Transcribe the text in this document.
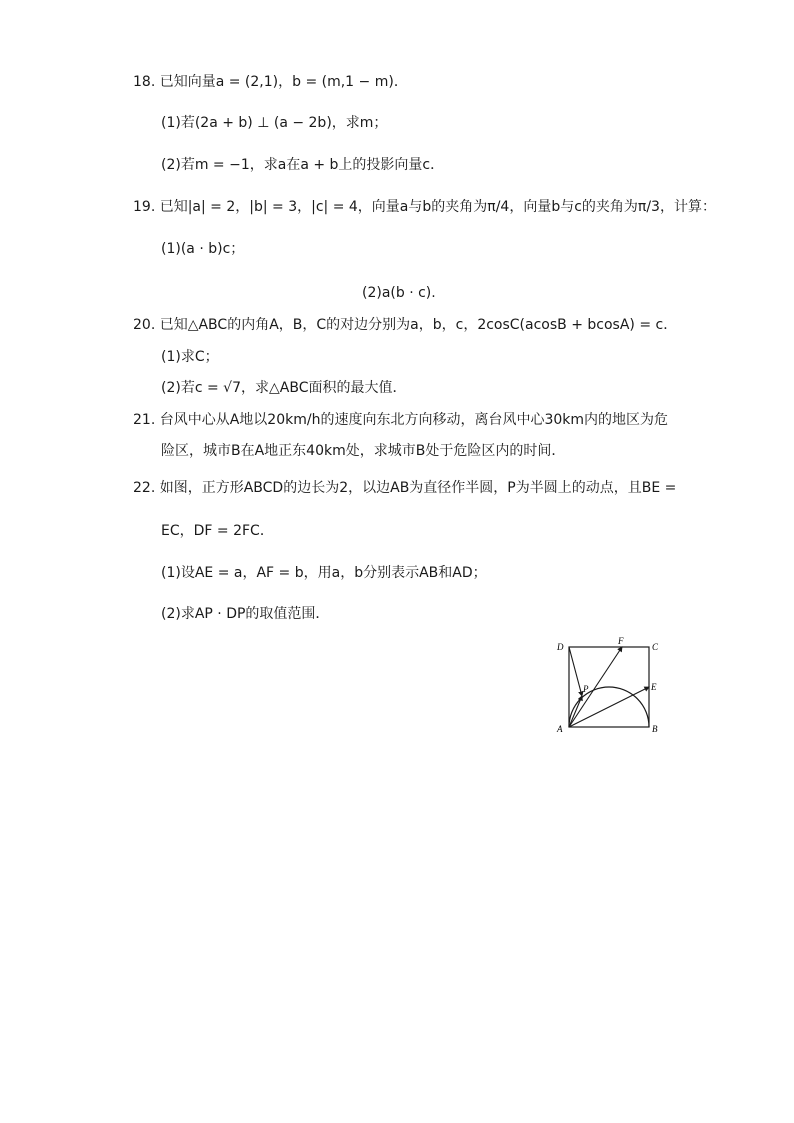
18. 已知向量a = (2,1)，b = (m,1 − m)．
(1)若(2a + b) ⊥ (a − 2b)，求m；
(2)若m = −1，求a在a + b上的投影向量c．
19. 已知|a| = 2，|b| = 3，|c| = 4，向量a与b的夹角为π/4，向量b与c的夹角为π/3，计算：
(1)(a · b)c；
(2)a(b · c).
20. 已知△ABC的内角A，B，C的对边分别为a，b，c，2cosC(acosB + bcosA) = c．
(1)求C；
(2)若c = √7，求△ABC面积的最大值．
21. 台风中心从A地以20km/h的速度向东北方向移动，离台风中心30km内的地区为危
险区，城市B在A地正东40km处，求城市B处于危险区内的时间．
22. 如图，正方形ABCD的边长为2，以边AB为直径作半圆，P为半圆上的动点，且BE =
EC，DF = 2FC．
(1)设AE = a，AF = b，用a，b分别表示AB和AD；
(2)求AP · DP的取值范围．
D	C
A	B
E
F
P
